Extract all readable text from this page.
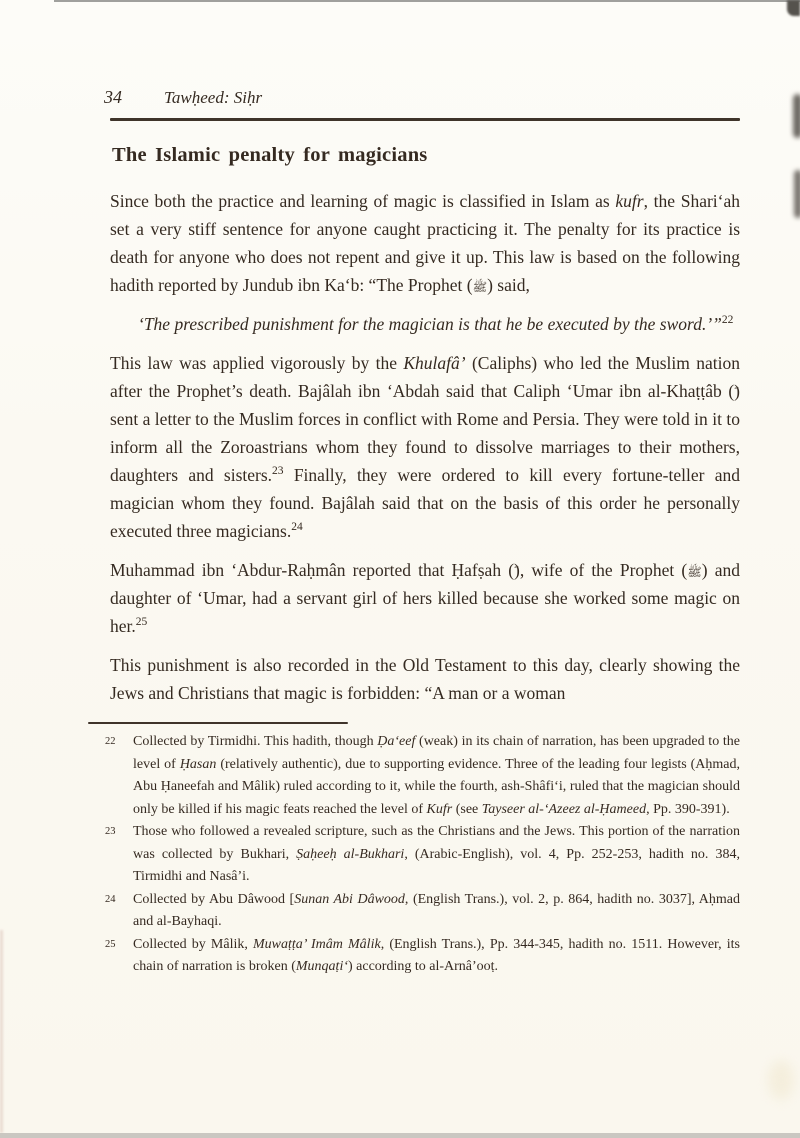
34 Tawḥeed: Siḥr
The Islamic penalty for magicians

Since both the practice and learning of magic is classified in Islam as kufr, the Shari‘ah set a very stiff sentence for anyone caught practicing it. The penalty for its practice is death for anyone who does not repent and give it up. This law is based on the following hadith reported by Jundub ibn Ka‘b: “The Prophet (ﷺ) said,

‘The prescribed punishment for the magician is that he be executed by the sword.’”$^{22}$

This law was applied vigorously by the Khulafâ’ (Caliphs) who led the Muslim nation after the Prophet’s death. Bajâlah ibn ‘Abdah said that Caliph ‘Umar ibn al-Khaṭṭâb () sent a letter to the Muslim forces in conflict with Rome and Persia. They were told in it to inform all the Zoroastrians whom they found to dissolve marriages to their mothers, daughters and sisters.$^{23}$ Finally, they were ordered to kill every fortune-teller and magician whom they found. Bajâlah said that on the basis of this order he personally executed three magicians.$^{24}$

Muhammad ibn ‘Abdur-Raḥmân reported that Ḥafṣah (), wife of the Prophet (ﷺ) and daughter of ‘Umar, had a servant girl of hers killed because she worked some magic on her.$^{25}$

This punishment is also recorded in the Old Testament to this day, clearly showing the Jews and Christians that magic is forbidden: “A man or a woman

22 Collected by Tirmidhi. This hadith, though Ḍa‘eef (weak) in its chain of narration, has been upgraded to the level of Ḥasan (relatively authentic), due to supporting evidence. Three of the leading four legists (Aḥmad, Abu Ḥaneefah and Mâlik) ruled according to it, while the fourth, ash-Shâfi‘i, ruled that the magician should only be killed if his magic feats reached the level of Kufr (see Tayseer al-‘Azeez al-Ḥameed, Pp. 390-391).
23 Those who followed a revealed scripture, such as the Christians and the Jews. This portion of the narration was collected by Bukhari, Ṣaḥeeḥ al-Bukhari, (Arabic-English), vol. 4, Pp. 252-253, hadith no. 384, Tirmidhi and Nasâ’i.
24 Collected by Abu Dâwood [Sunan Abi Dâwood, (English Trans.), vol. 2, p. 864, hadith no. 3037], Aḥmad and al-Bayhaqi.
25 Collected by Mâlik, Muwaṭṭa’ Imâm Mâlik, (English Trans.), Pp. 344-345, hadith no. 1511. However, its chain of narration is broken (Munqaṭi‘) according to al-Arnâ’ooṭ.
